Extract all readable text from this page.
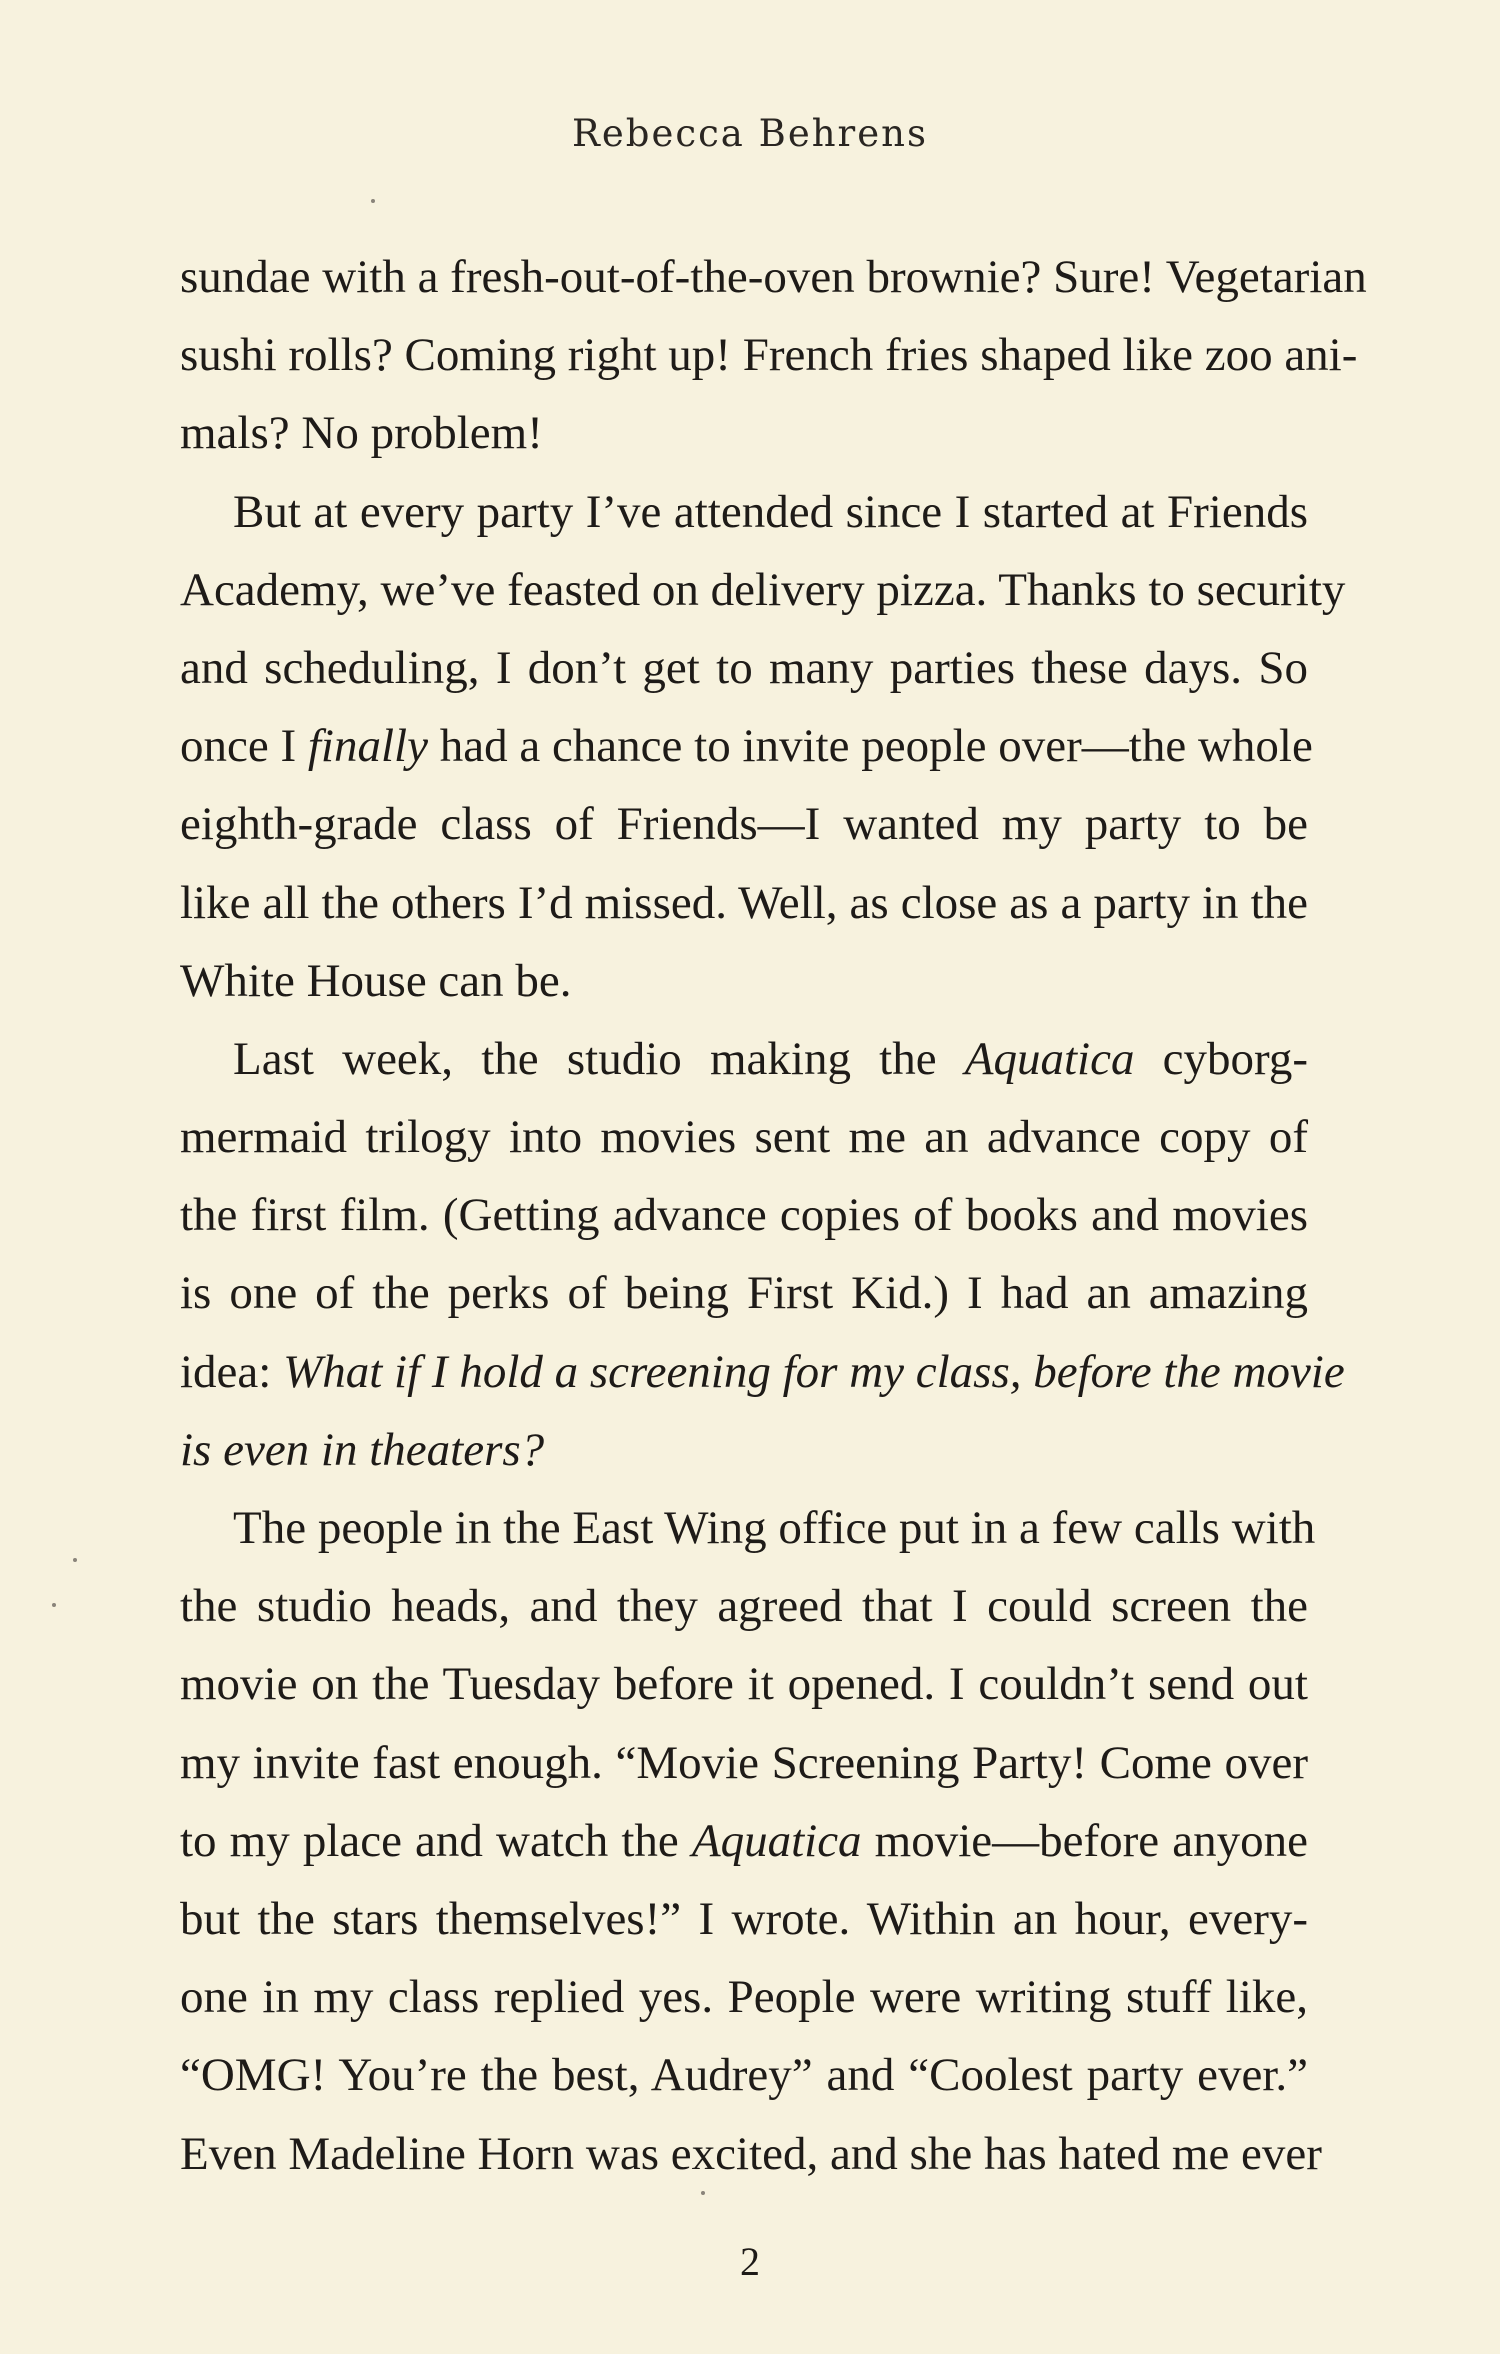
Rebecca Behrens
sundae with a fresh-out-of-the-oven brownie? Sure! Vegetarian
sushi rolls? Coming right up! French fries shaped like zoo ani-
mals? No problem!
But at every party I’ve attended since I started at Friends
Academy, we’ve feasted on delivery pizza. Thanks to security
and scheduling, I don’t get to many parties these days. So
once I finally had a chance to invite people over—the whole
eighth-grade class of Friends—I wanted my party to be
like all the others I’d missed. Well, as close as a party in the
White House can be.
Last week, the studio making the Aquatica cyborg-
mermaid trilogy into movies sent me an advance copy of
the first film. (Getting advance copies of books and movies
is one of the perks of being First Kid.) I had an amazing
idea: What if I hold a screening for my class, before the movie
is even in theaters?
The people in the East Wing office put in a few calls with
the studio heads, and they agreed that I could screen the
movie on the Tuesday before it opened. I couldn’t send out
my invite fast enough. “Movie Screening Party! Come over
to my place and watch the Aquatica movie—before anyone
but the stars themselves!” I wrote. Within an hour, every-
one in my class replied yes. People were writing stuff like,
“OMG! You’re the best, Audrey” and “Coolest party ever.”
Even Madeline Horn was excited, and she has hated me ever
2
